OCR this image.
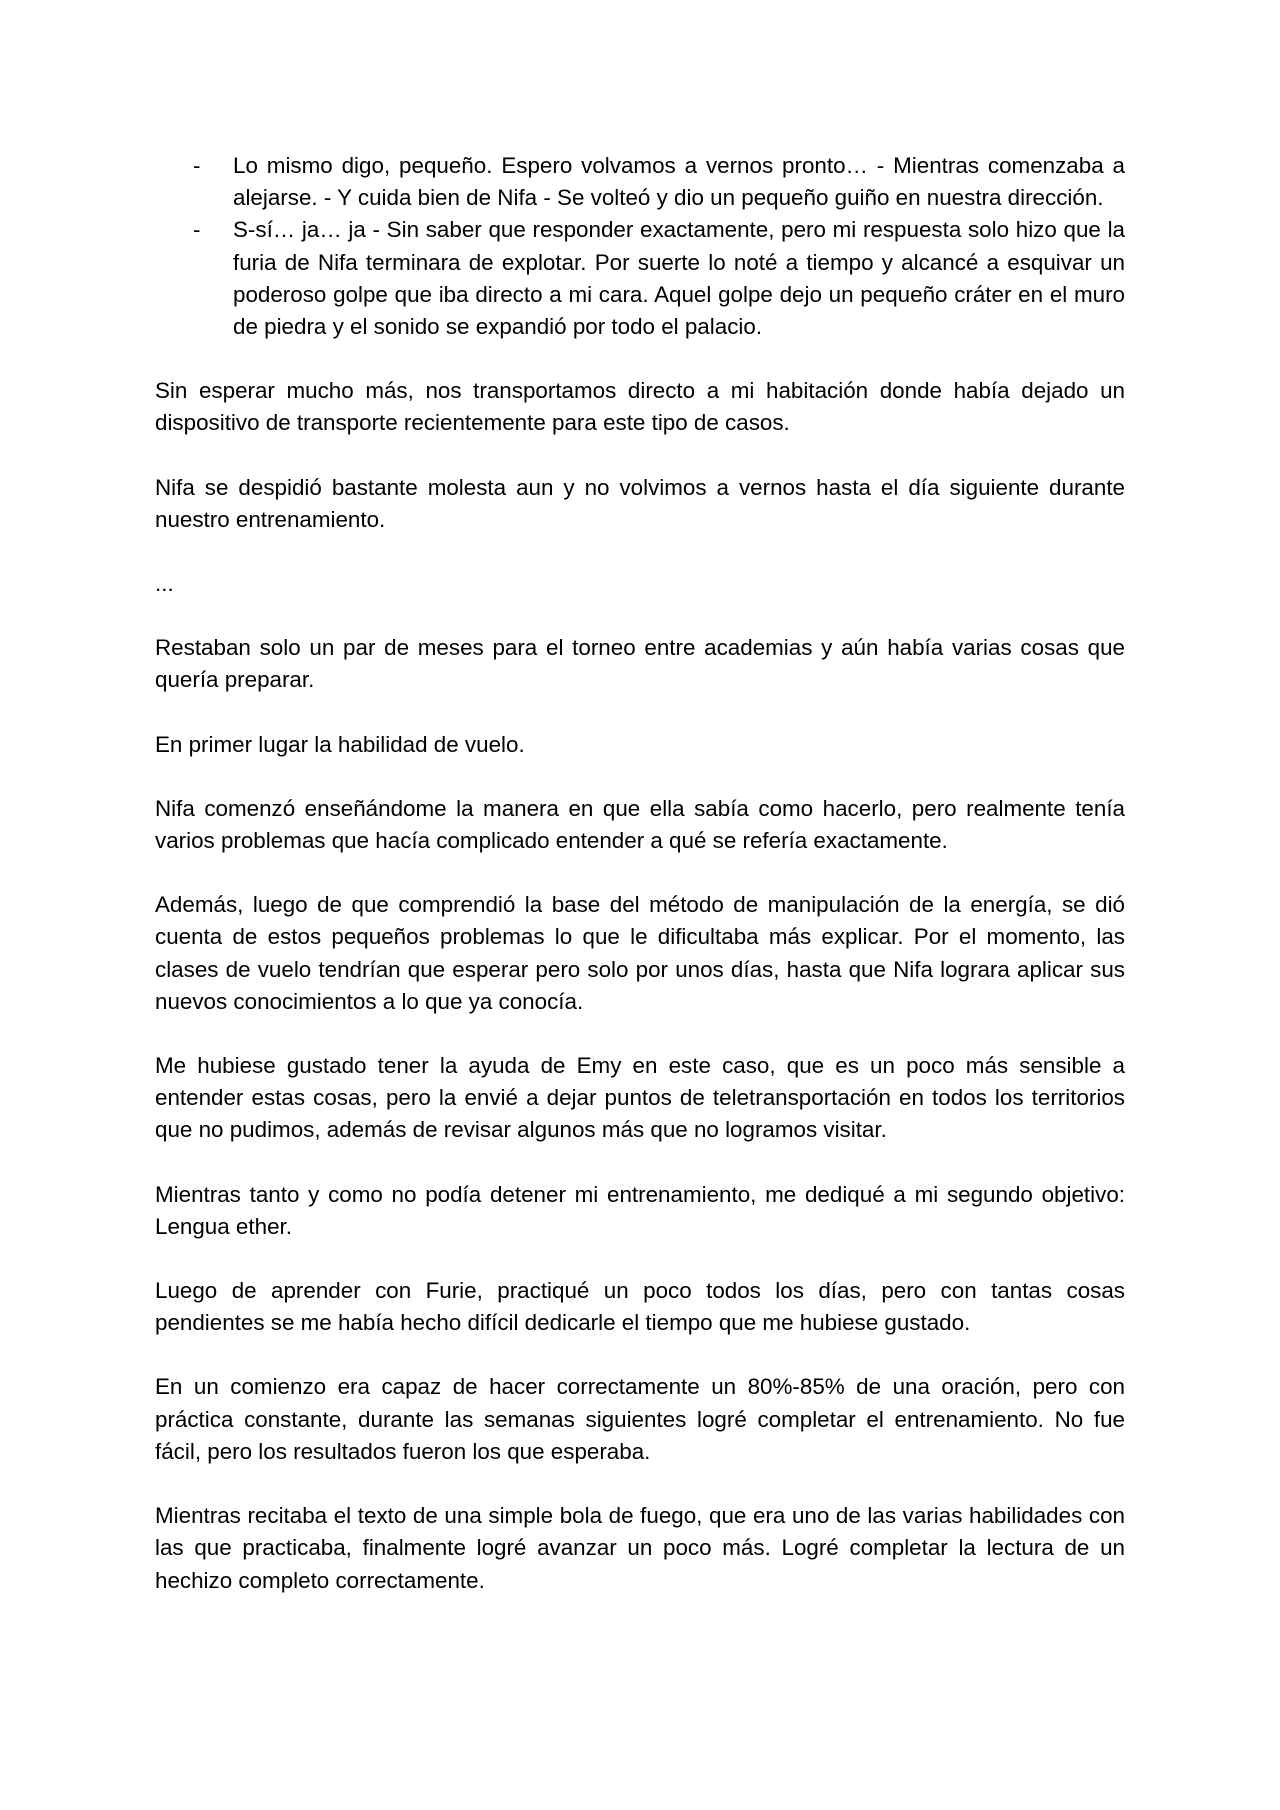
- Lo mismo digo, pequeño. Espero volvamos a vernos pronto… - Mientras comenzaba a alejarse. - Y cuida bien de Nifa - Se volteó y dio un pequeño guiño en nuestra dirección.
- S-sí… ja… ja - Sin saber que responder exactamente, pero mi respuesta solo hizo que la furia de Nifa terminara de explotar. Por suerte lo noté a tiempo y alcancé a esquivar un poderoso golpe que iba directo a mi cara. Aquel golpe dejo un pequeño cráter en el muro de piedra y el sonido se expandió por todo el palacio.

Sin esperar mucho más, nos transportamos directo a mi habitación donde había dejado un dispositivo de transporte recientemente para este tipo de casos.

Nifa se despidió bastante molesta aun y no volvimos a vernos hasta el día siguiente durante nuestro entrenamiento.

...

Restaban solo un par de meses para el torneo entre academias y aún había varias cosas que quería preparar.

En primer lugar la habilidad de vuelo.

Nifa comenzó enseñándome la manera en que ella sabía como hacerlo, pero realmente tenía varios problemas que hacía complicado entender a qué se refería exactamente.

Además, luego de que comprendió la base del método de manipulación de la energía, se dió cuenta de estos pequeños problemas lo que le dificultaba más explicar. Por el momento, las clases de vuelo tendrían que esperar pero solo por unos días, hasta que Nifa lograra aplicar sus nuevos conocimientos a lo que ya conocía.

Me hubiese gustado tener la ayuda de Emy en este caso, que es un poco más sensible a entender estas cosas, pero la envié a dejar puntos de teletransportación en todos los territorios que no pudimos, además de revisar algunos más que no logramos visitar.

Mientras tanto y como no podía detener mi entrenamiento, me dediqué a mi segundo objetivo: Lengua ether.

Luego de aprender con Furie, practiqué un poco todos los días, pero con tantas cosas pendientes se me había hecho difícil dedicarle el tiempo que me hubiese gustado.

En un comienzo era capaz de hacer correctamente un 80%-85% de una oración, pero con práctica constante, durante las semanas siguientes logré completar el entrenamiento. No fue fácil, pero los resultados fueron los que esperaba.

Mientras recitaba el texto de una simple bola de fuego, que era uno de las varias habilidades con las que practicaba, finalmente logré avanzar un poco más. Logré completar la lectura de un hechizo completo correctamente.
